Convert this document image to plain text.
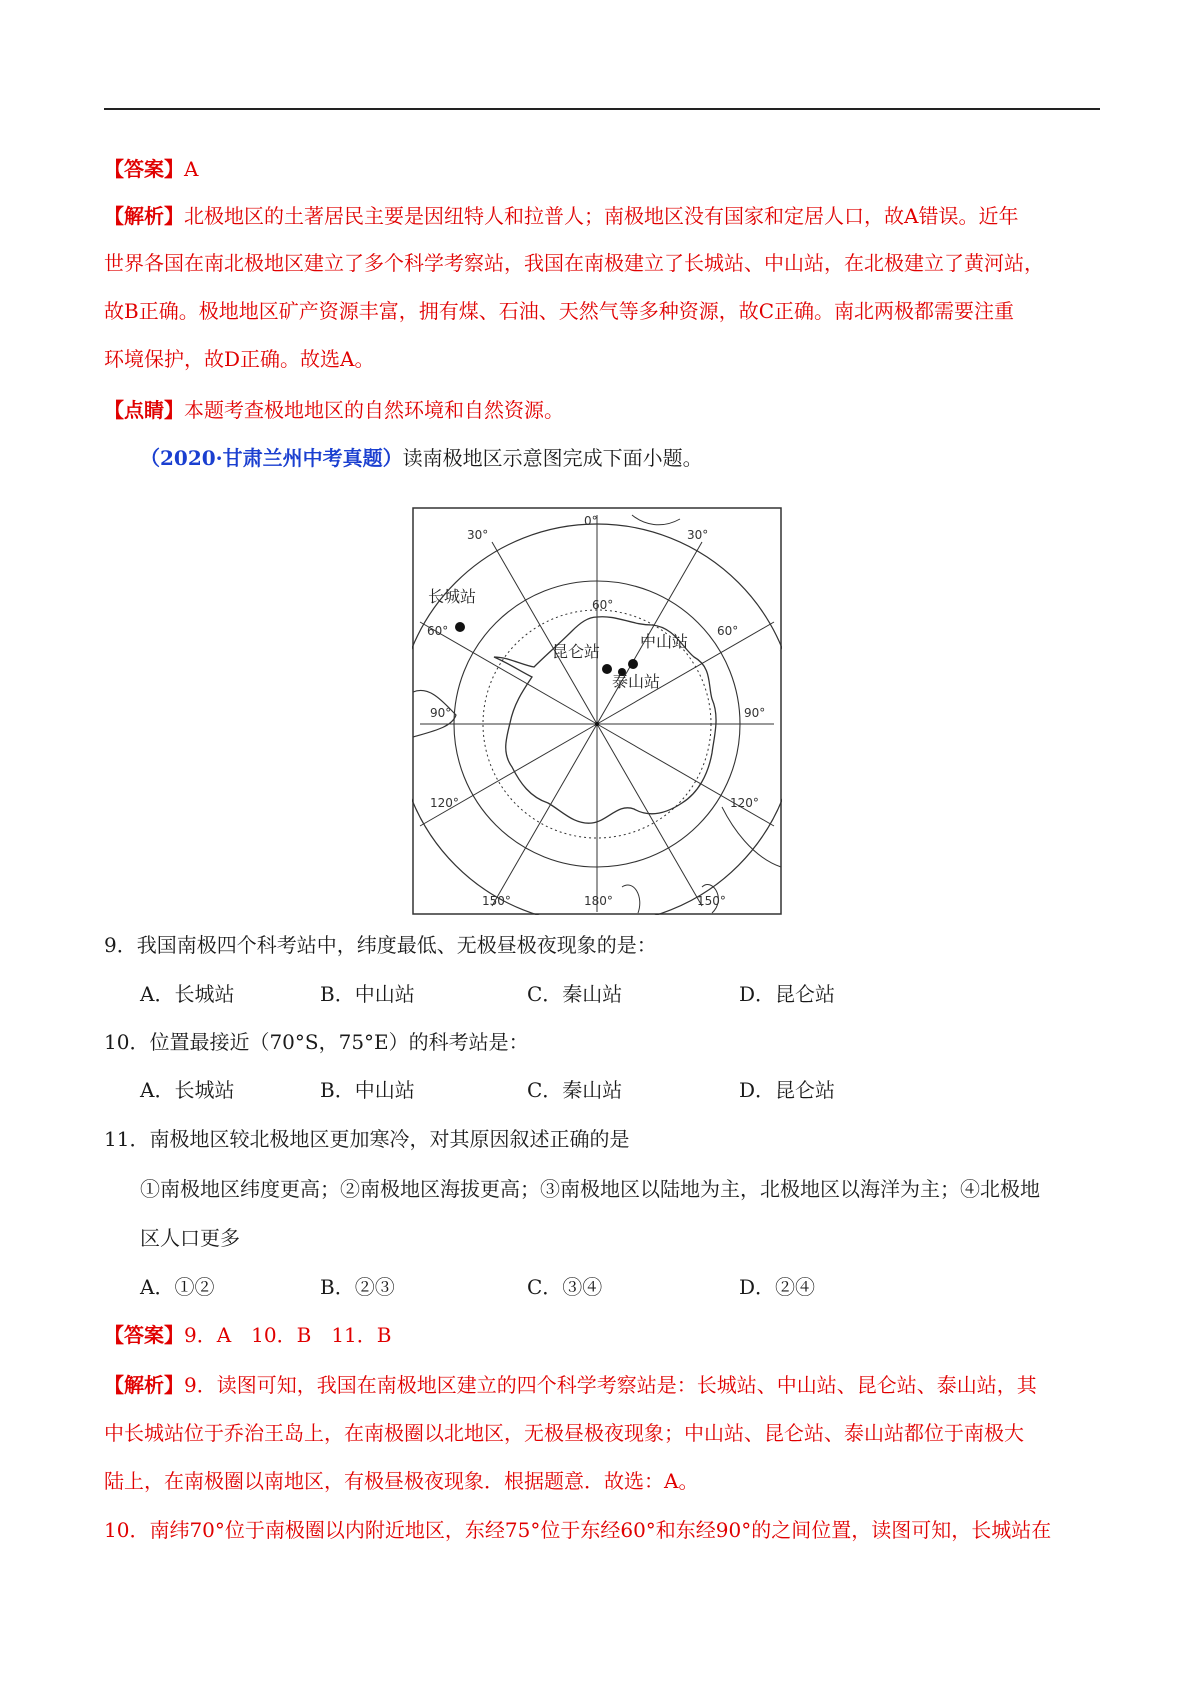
【答案】A
【解析】北极地区的土著居民主要是因纽特人和拉普人；南极地区没有国家和定居人口，故A错误。近年
世界各国在南北极地区建立了多个科学考察站，我国在南极建立了长城站、中山站，在北极建立了黄河站，
故B正确。极地地区矿产资源丰富，拥有煤、石油、天然气等多种资源，故C正确。南北两极都需要注重
环境保护，故D正确。故选A。
【点睛】本题考查极地地区的自然环境和自然资源。
（2020·甘肃兰州中考真题）读南极地区示意图完成下面小题。
30°
0°
30°
60°
60°	60°
90°	90°
120°	120°
150°	180°	150°
长城站
昆仑站
中山站
泰山站
9．我国南极四个科考站中，纬度最低、无极昼极夜现象的是：
A．长城站	B．中山站	C．秦山站	D．昆仑站
10．位置最接近（70°S，75°E）的科考站是：
A．长城站	B．中山站	C．秦山站	D．昆仑站
11．南极地区较北极地区更加寒冷，对其原因叙述正确的是
①南极地区纬度更高；②南极地区海拔更高；③南极地区以陆地为主，北极地区以海洋为主；④北极地
区人口更多
A．①②	B．②③	C．③④	D．②④
【答案】9．A　10．B　11．B
【解析】9．读图可知，我国在南极地区建立的四个科学考察站是：长城站、中山站、昆仑站、泰山站，其
中长城站位于乔治王岛上，在南极圈以北地区，无极昼极夜现象；中山站、昆仑站、泰山站都位于南极大
陆上，在南极圈以南地区，有极昼极夜现象．根据题意．故选：A。
10．南纬70°位于南极圈以内附近地区，东经75°位于东经60°和东经90°的之间位置，读图可知，长城站在
